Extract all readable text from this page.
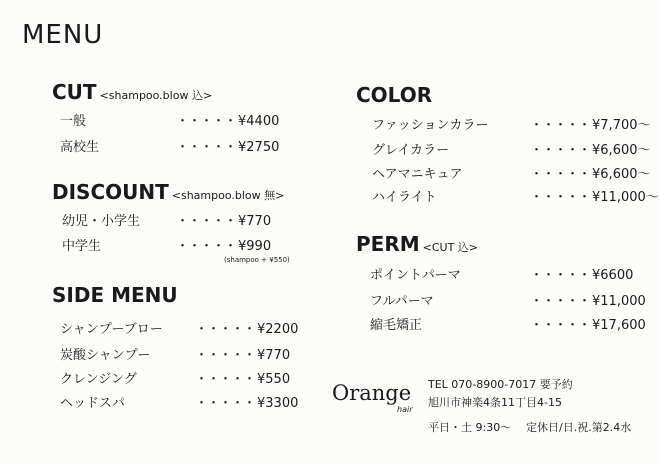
MENU
CUT <shampoo.blow 込>
一般	・・・・・ ¥4400
高校生	・・・・・ ¥2750
DISCOUNT <shampoo.blow 無>
幼児・小学生	・・・・・ ¥770
中学生	・・・・・ ¥990
(shampoo + ¥550)
SIDE MENU
シャンプーブロー ・・・・・ ¥2200
炭酸シャンプー	・・・・・ ¥770
クレンジング	・・・・・ ¥550
ヘッドスパ	・・・・・ ¥3300
COLOR
ファッションカラー	・・・・・ ¥7,700〜
グレイカラー	・・・・・ ¥6,600〜
ヘアマニキュア	・・・・・ ¥6,600〜
ハイライト	・・・・・ ¥11,000〜
PERM <CUT 込>
ポイントパーマ	・・・・・ ¥6600
フルパーマ	・・・・・ ¥11,000
縮毛矯正	・・・・・ ¥17,600
Orange
hair
TEL 070-8900-7017 要予約
旭川市神楽4条11丁目4-15
平日・土 9:30〜 定休日/日.祝.第2.4水
